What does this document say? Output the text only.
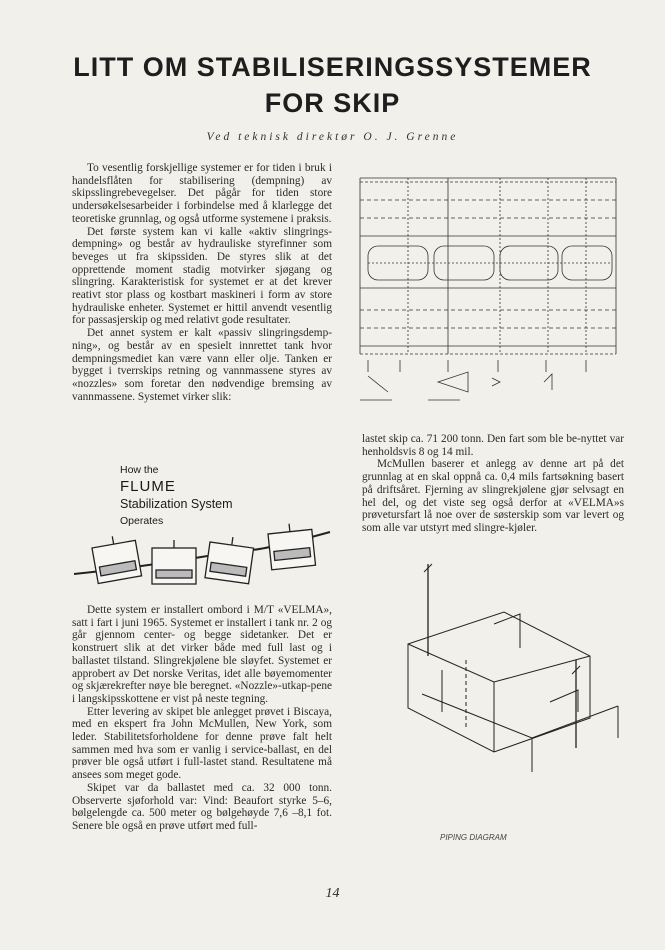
LITT OM STABILISERINGSSYSTEMER
FOR SKIP
Ved teknisk direktør O. J. Grenne

To vesentlig forskjellige systemer er for tiden i bruk i handelsflåten for stabilisering (dempning) av skipsslingrebevegelser. Det pågår for tiden store undersøkelsesarbeider i forbindelse med å klarlegge det teoretiske grunnlag, og også utforme systemene i praksis.

Det første system kan vi kalle «aktiv slingrings-dempning» og består av hydrauliske styrefinner som beveges ut fra skipssiden. De styres slik at det opprettende moment stadig motvirker sjøgang og slingring. Karakteristisk for systemet er at det krever reativt stor plass og kostbart maskineri i form av store hydrauliske enheter. Systemet er hittil anvendt vesentlig for passasjerskip og med relativt gode resultater.

Det annet system er kalt «passiv slingringsdemp-ning», og består av en spesielt innrettet tank hvor dempningsmediet kan være vann eller olje. Tanken er bygget i tverrskips retning og vannmassene styres av «nozzles» som foretar den nødvendige bremsing av vannmassene. Systemet virker slik:

How the
FLUME
Stabilization System
Operates

Dette system er installert ombord i M/T «VELMA», satt i fart i juni 1965. Systemet er installert i tank nr. 2 og går gjennom center- og begge sidetanker. Det er konstruert slik at det virker både med full last og i ballastet tilstand. Slingrekjølene ble sløyfet. Systemet er approbert av Det norske Veritas, idet alle bøyemomenter og skjærekrefter nøye ble beregnet. «Nozzle»-utkap-pene i langskipsskottene er vist på neste tegning.

Etter levering av skipet ble anlegget prøvet i Biscaya, med en ekspert fra John McMullen, New York, som leder. Stabilitetsforholdene for denne prøve falt helt sammen med hva som er vanlig i service-ballast, en del prøver ble også utført i full-lastet stand. Resultatene må ansees som meget gode.

Skipet var da ballastet med ca. 32 000 tonn. Observerte sjøforhold var: Vind: Beaufort styrke 5–6, bølgelengde ca. 500 meter og bølgehøyde 7,6 –8,1 fot. Senere ble også en prøve utført med full-

PIPING DIAGRAM

lastet skip ca. 71 200 tonn. Den fart som ble be-nyttet var henholdsvis 8 og 14 mil.

McMullen baserer et anlegg av denne art på det grunnlag at en skal oppnå ca. 0,4 mils fartsøkning basert på driftsåret. Fjerning av slingrekjølene gjør selvsagt en hel del, og det viste seg også derfor at «VELMA»s prøvetursfart lå noe over de søsterskip som var levert og som alle var utstyrt med slingre-kjøler.

14
